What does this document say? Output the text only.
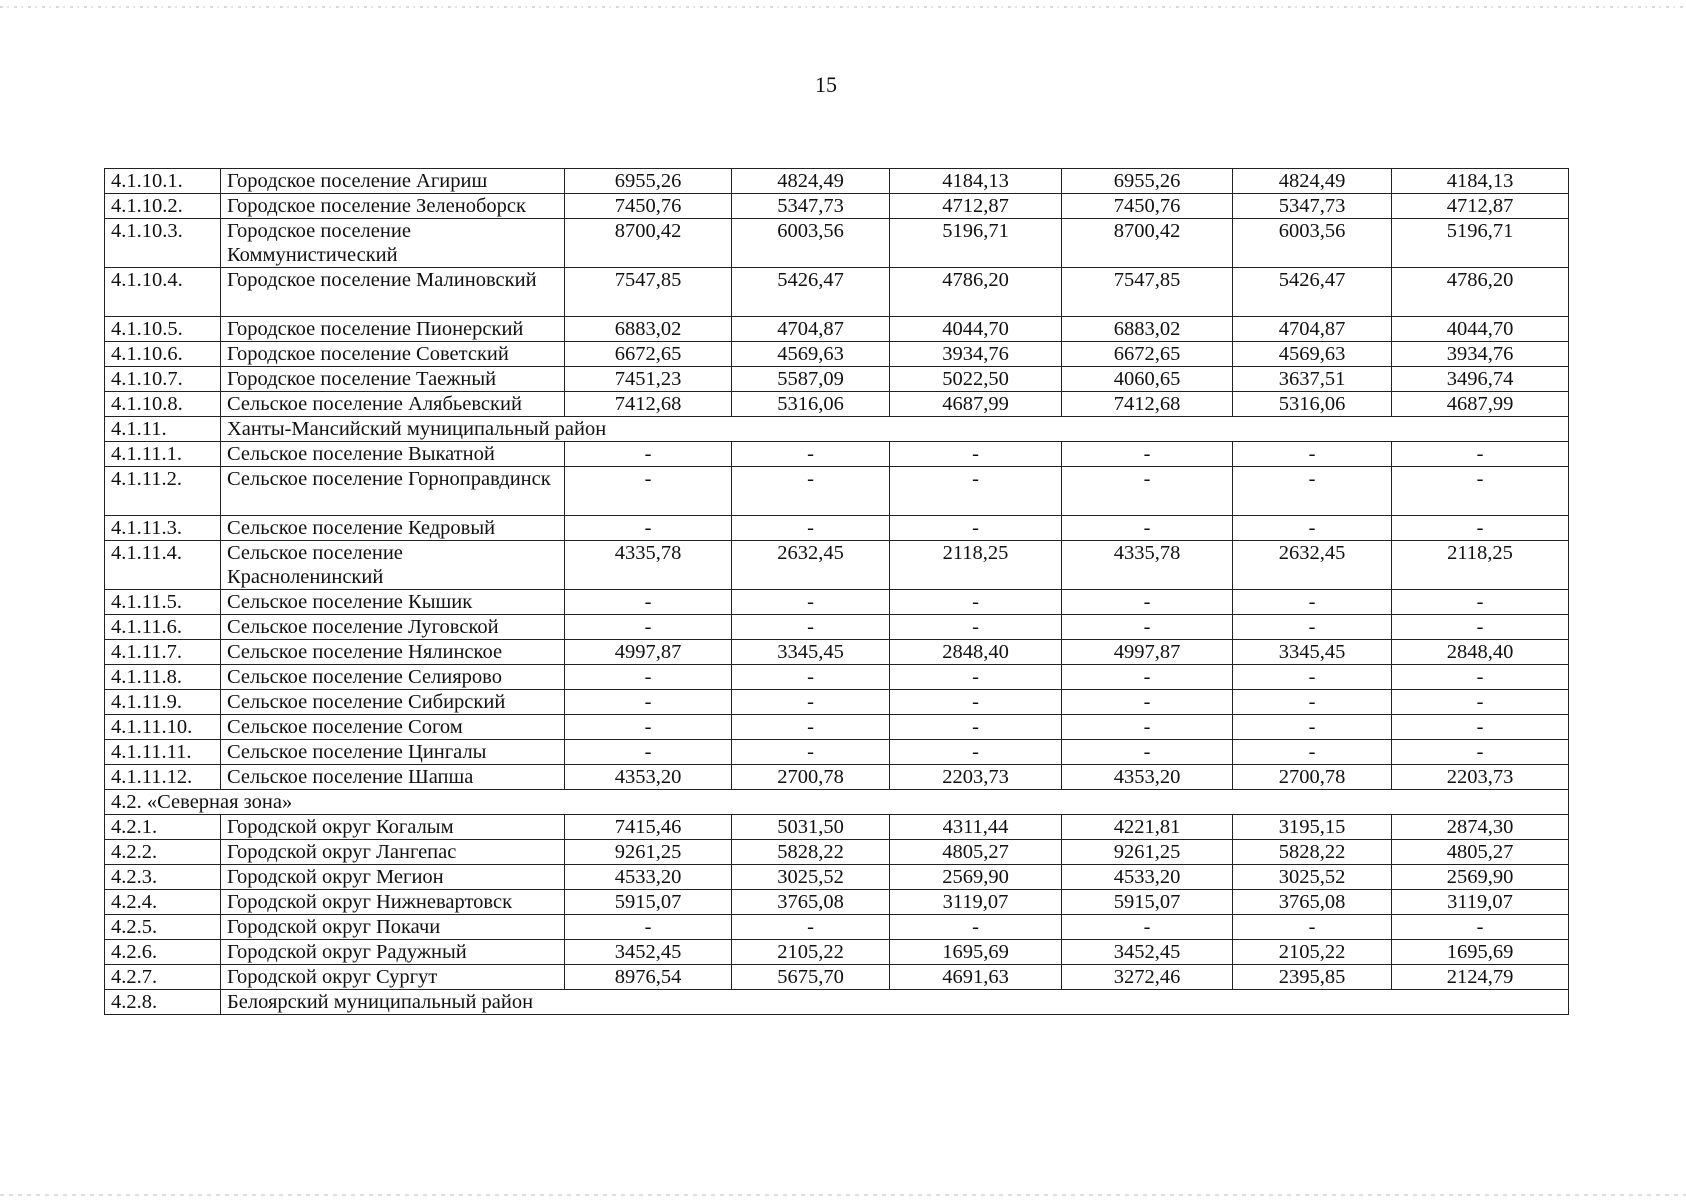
15
4.1.10.1.	Городское поселение Агириш	6955,26	4824,49	4184,13	6955,26	4824,49	4184,13
4.1.10.2.	Городское поселение Зеленоборск	7450,76	5347,73	4712,87	7450,76	5347,73	4712,87
4.1.10.3.	Городское поселение Коммунистический	8700,42	6003,56	5196,71	8700,42	6003,56	5196,71
4.1.10.4.	Городское поселение Малиновский	7547,85	5426,47	4786,20	7547,85	5426,47	4786,20
4.1.10.5.	Городское поселение Пионерский	6883,02	4704,87	4044,70	6883,02	4704,87	4044,70
4.1.10.6.	Городское поселение Советский	6672,65	4569,63	3934,76	6672,65	4569,63	3934,76
4.1.10.7.	Городское поселение Таежный	7451,23	5587,09	5022,50	4060,65	3637,51	3496,74
4.1.10.8.	Сельское поселение Алябьевский	7412,68	5316,06	4687,99	7412,68	5316,06	4687,99
4.1.11.	Ханты-Мансийский муниципальный район						
4.1.11.1.	Сельское поселение Выкатной	-	-	-	-	-	-
4.1.11.2.	Сельское поселение Горноправдинск	-	-	-	-	-	-
4.1.11.3.	Сельское поселение Кедровый	-	-	-	-	-	-
4.1.11.4.	Сельское поселение Красноленинский	4335,78	2632,45	2118,25	4335,78	2632,45	2118,25
4.1.11.5.	Сельское поселение Кышик	-	-	-	-	-	-
4.1.11.6.	Сельское поселение Луговской	-	-	-	-	-	-
4.1.11.7.	Сельское поселение Нялинское	4997,87	3345,45	2848,40	4997,87	3345,45	2848,40
4.1.11.8.	Сельское поселение Селиярово	-	-	-	-	-	-
4.1.11.9.	Сельское поселение Сибирский	-	-	-	-	-	-
4.1.11.10.	Сельское поселение Согом	-	-	-	-	-	-
4.1.11.11.	Сельское поселение Цингалы	-	-	-	-	-	-
4.1.11.12.	Сельское поселение Шапша	4353,20	2700,78	2203,73	4353,20	2700,78	2203,73
4.2. «Северная зона»							
4.2.1.	Городской округ Когалым	7415,46	5031,50	4311,44	4221,81	3195,15	2874,30
4.2.2.	Городской округ Лангепас	9261,25	5828,22	4805,27	9261,25	5828,22	4805,27
4.2.3.	Городской округ Мегион	4533,20	3025,52	2569,90	4533,20	3025,52	2569,90
4.2.4.	Городской округ Нижневартовск	5915,07	3765,08	3119,07	5915,07	3765,08	3119,07
4.2.5.	Городской округ Покачи	-	-	-	-	-	-
4.2.6.	Городской округ Радужный	3452,45	2105,22	1695,69	3452,45	2105,22	1695,69
4.2.7.	Городской округ Сургут	8976,54	5675,70	4691,63	3272,46	2395,85	2124,79
4.2.8.	Белоярский муниципальный район						
